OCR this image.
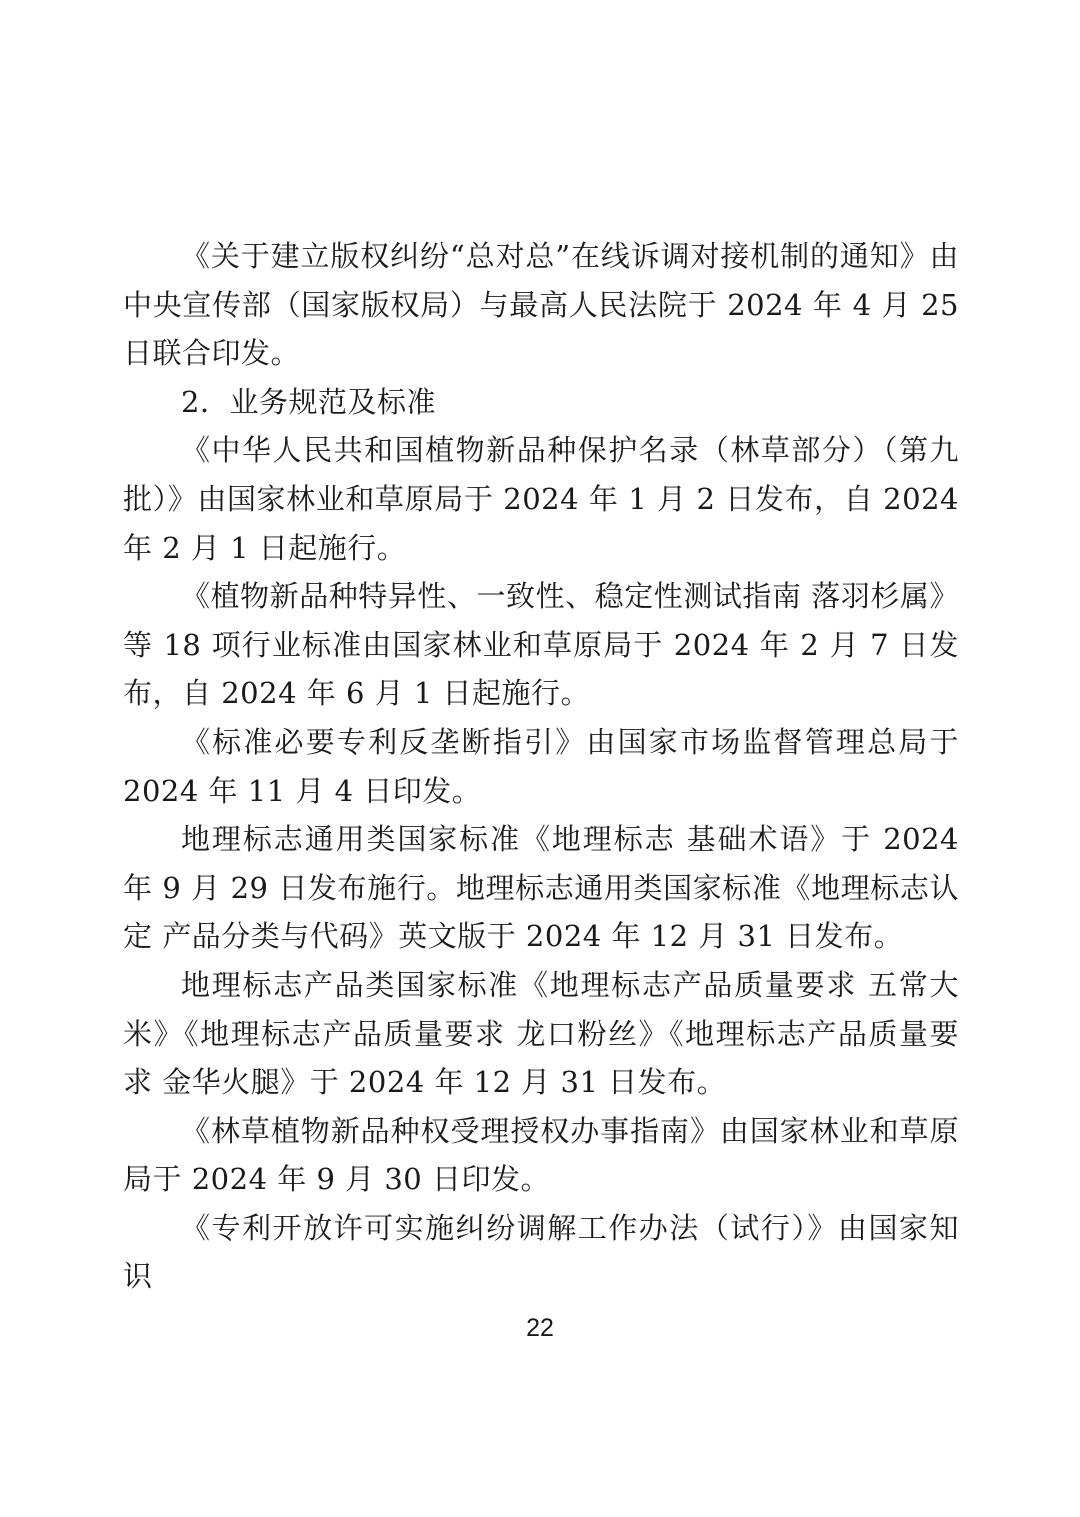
《关于建立版权纠纷“总对总”在线诉调对接机制的通知》由中央宣传部（国家版权局）与最高人民法院于 2024 年 4 月 25 日联合印发。

2．业务规范及标准

《中华人民共和国植物新品种保护名录（林草部分）（第九批）》由国家林业和草原局于 2024 年 1 月 2 日发布，自 2024 年 2 月 1 日起施行。

《植物新品种特异性、一致性、稳定性测试指南 落羽杉属》等 18 项行业标准由国家林业和草原局于 2024 年 2 月 7 日发布，自 2024 年 6 月 1 日起施行。

《标准必要专利反垄断指引》由国家市场监督管理总局于 2024 年 11 月 4 日印发。

地理标志通用类国家标准《地理标志 基础术语》于 2024 年 9 月 29 日发布施行。地理标志通用类国家标准《地理标志认定 产品分类与代码》英文版于 2024 年 12 月 31 日发布。

地理标志产品类国家标准《地理标志产品质量要求 五常大米》《地理标志产品质量要求 龙口粉丝》《地理标志产品质量要求 金华火腿》于 2024 年 12 月 31 日发布。

《林草植物新品种权受理授权办事指南》由国家林业和草原局于 2024 年 9 月 30 日印发。

《专利开放许可实施纠纷调解工作办法（试行）》由国家知识

22
